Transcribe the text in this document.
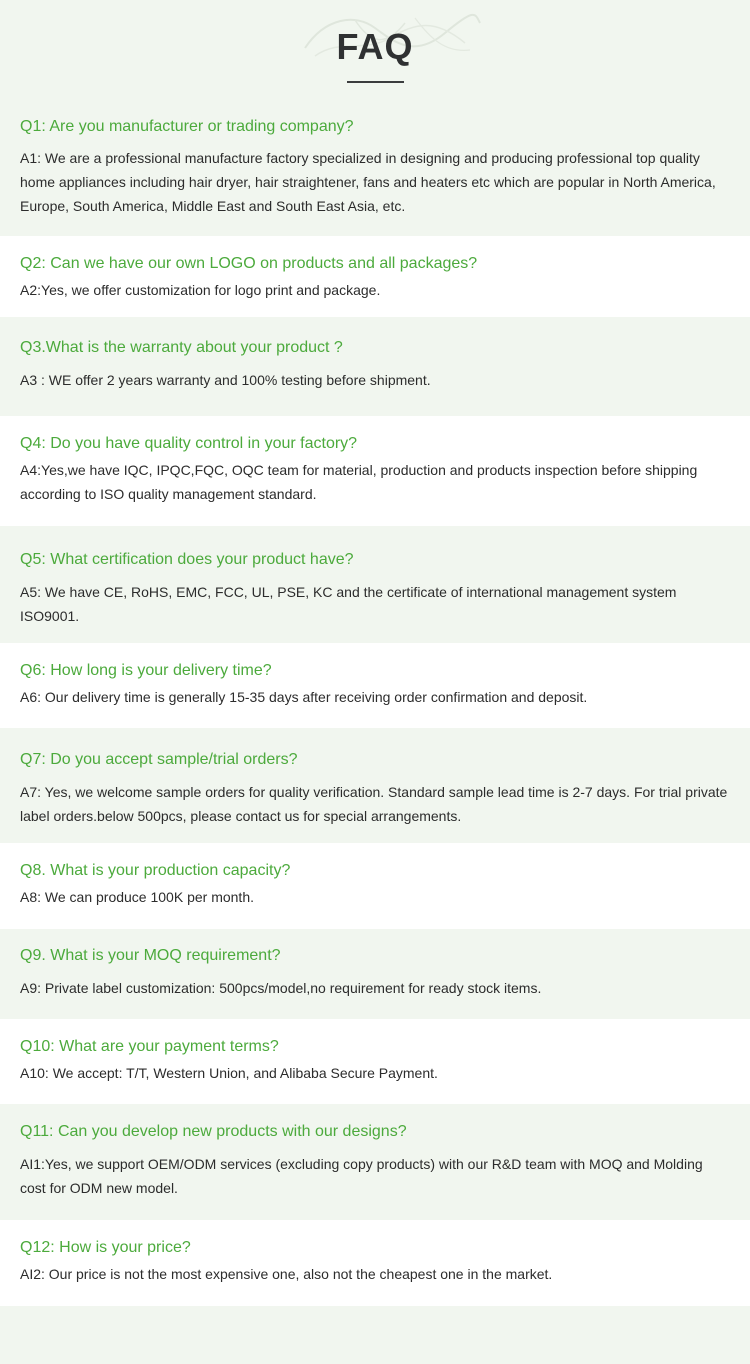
FAQ
Q1: Are you manufacturer or trading company?
A1: We are a professional manufacture factory specialized in designing and producing professional top quality home appliances including hair dryer, hair straightener, fans and heaters etc which are popular in North America, Europe, South America, Middle East and South East Asia, etc.
Q2: Can we have our own LOGO on products and all packages?
A2:Yes, we offer customization for logo print and package.
Q3.What is the warranty about your product ?
A3 : WE offer 2 years warranty and 100% testing before shipment.
Q4: Do you have quality control in your factory?
A4:Yes,we have IQC, IPQC,FQC, OQC team for material, production and products inspection before shipping according to ISO quality management standard.
Q5: What certification does your product have?
A5: We have CE, RoHS, EMC, FCC, UL, PSE, KC and the certificate of international management system ISO9001.
Q6: How long is your delivery time?
A6: Our delivery time is generally 15-35 days after receiving order confirmation and deposit.
Q7: Do you accept sample/trial orders?
A7: Yes, we welcome sample orders for quality verification. Standard sample lead time is 2-7 days. For trial private label orders.below 500pcs, please contact us for special arrangements.
Q8. What is your production capacity?
A8: We can produce 100K per month.
Q9. What is your MOQ requirement?
A9: Private label customization: 500pcs/model,no requirement for ready stock items.
Q10: What are your payment terms?
A10: We accept: T/T, Western Union, and Alibaba Secure Payment.
Q11: Can you develop new products with our designs?
AI1:Yes, we support OEM/ODM services (excluding copy products) with our R&D team with MOQ and Molding cost for ODM new model.
Q12: How is your price?
AI2: Our price is not the most expensive one, also not the cheapest one in the market.
